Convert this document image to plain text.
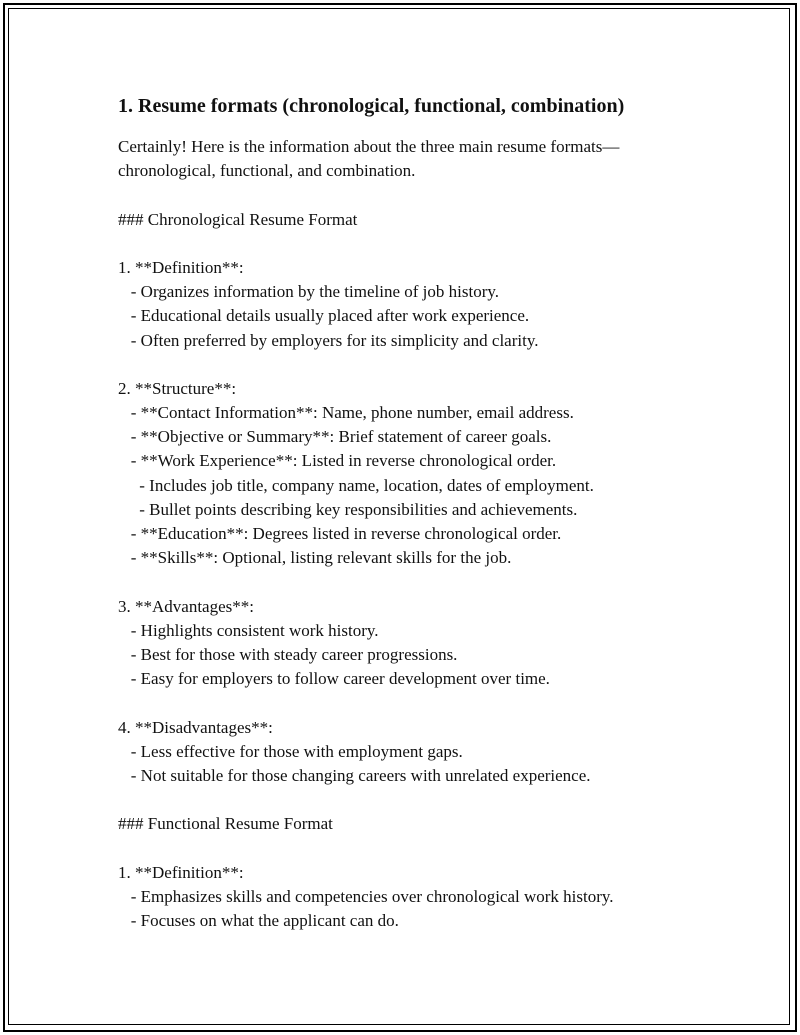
1. Resume formats (chronological, functional, combination)
Certainly! Here is the information about the three main resume formats—
chronological, functional, and combination.
### Chronological Resume Format
1. **Definition**:
- Organizes information by the timeline of job history.
- Educational details usually placed after work experience.
- Often preferred by employers for its simplicity and clarity.
2. **Structure**:
- **Contact Information**: Name, phone number, email address.
- **Objective or Summary**: Brief statement of career goals.
- **Work Experience**: Listed in reverse chronological order.
- Includes job title, company name, location, dates of employment.
- Bullet points describing key responsibilities and achievements.
- **Education**: Degrees listed in reverse chronological order.
- **Skills**: Optional, listing relevant skills for the job.
3. **Advantages**:
- Highlights consistent work history.
- Best for those with steady career progressions.
- Easy for employers to follow career development over time.
4. **Disadvantages**:
- Less effective for those with employment gaps.
- Not suitable for those changing careers with unrelated experience.
### Functional Resume Format
1. **Definition**:
- Emphasizes skills and competencies over chronological work history.
- Focuses on what the applicant can do.
